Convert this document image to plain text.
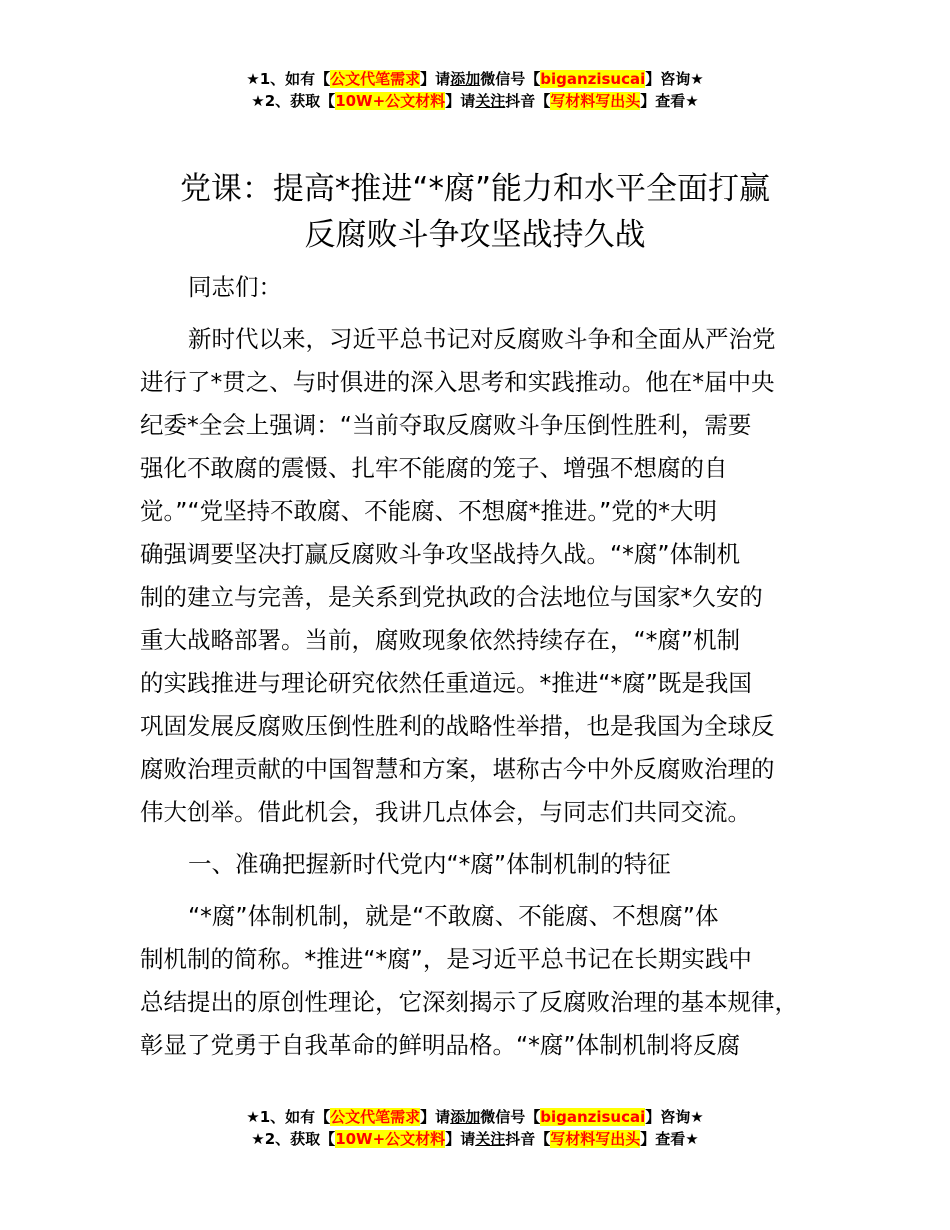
★1、如有【公文代笔需求】请添加微信号【biganzisucai】咨询★
★2、获取【10W+公文材料】请关注抖音【写材料写出头】查看★
党课：提高*推进“*腐”能力和水平全面打赢
反腐败斗争攻坚战持久战
同志们：
新时代以来，习近平总书记对反腐败斗争和全面从严治党
进行了*贯之、与时俱进的深入思考和实践推动。他在*届中央
纪委*全会上强调：“当前夺取反腐败斗争压倒性胜利，需要
强化不敢腐的震慑、扎牢不能腐的笼子、增强不想腐的自
觉。”“党坚持不敢腐、不能腐、不想腐*推进。”党的*大明
确强调要坚决打赢反腐败斗争攻坚战持久战。“*腐”体制机
制的建立与完善，是关系到党执政的合法地位与国家*久安的
重大战略部署。当前，腐败现象依然持续存在，“*腐”机制
的实践推进与理论研究依然任重道远。*推进“*腐”既是我国
巩固发展反腐败压倒性胜利的战略性举措，也是我国为全球反
腐败治理贡献的中国智慧和方案，堪称古今中外反腐败治理的
伟大创举。借此机会，我讲几点体会，与同志们共同交流。
一、准确把握新时代党内“*腐”体制机制的特征
“*腐”体制机制，就是“不敢腐、不能腐、不想腐”体
制机制的简称。*推进“*腐”，是习近平总书记在长期实践中
总结提出的原创性理论，它深刻揭示了反腐败治理的基本规律，
彰显了党勇于自我革命的鲜明品格。“*腐”体制机制将反腐
★1、如有【公文代笔需求】请添加微信号【biganzisucai】咨询★
★2、获取【10W+公文材料】请关注抖音【写材料写出头】查看★
